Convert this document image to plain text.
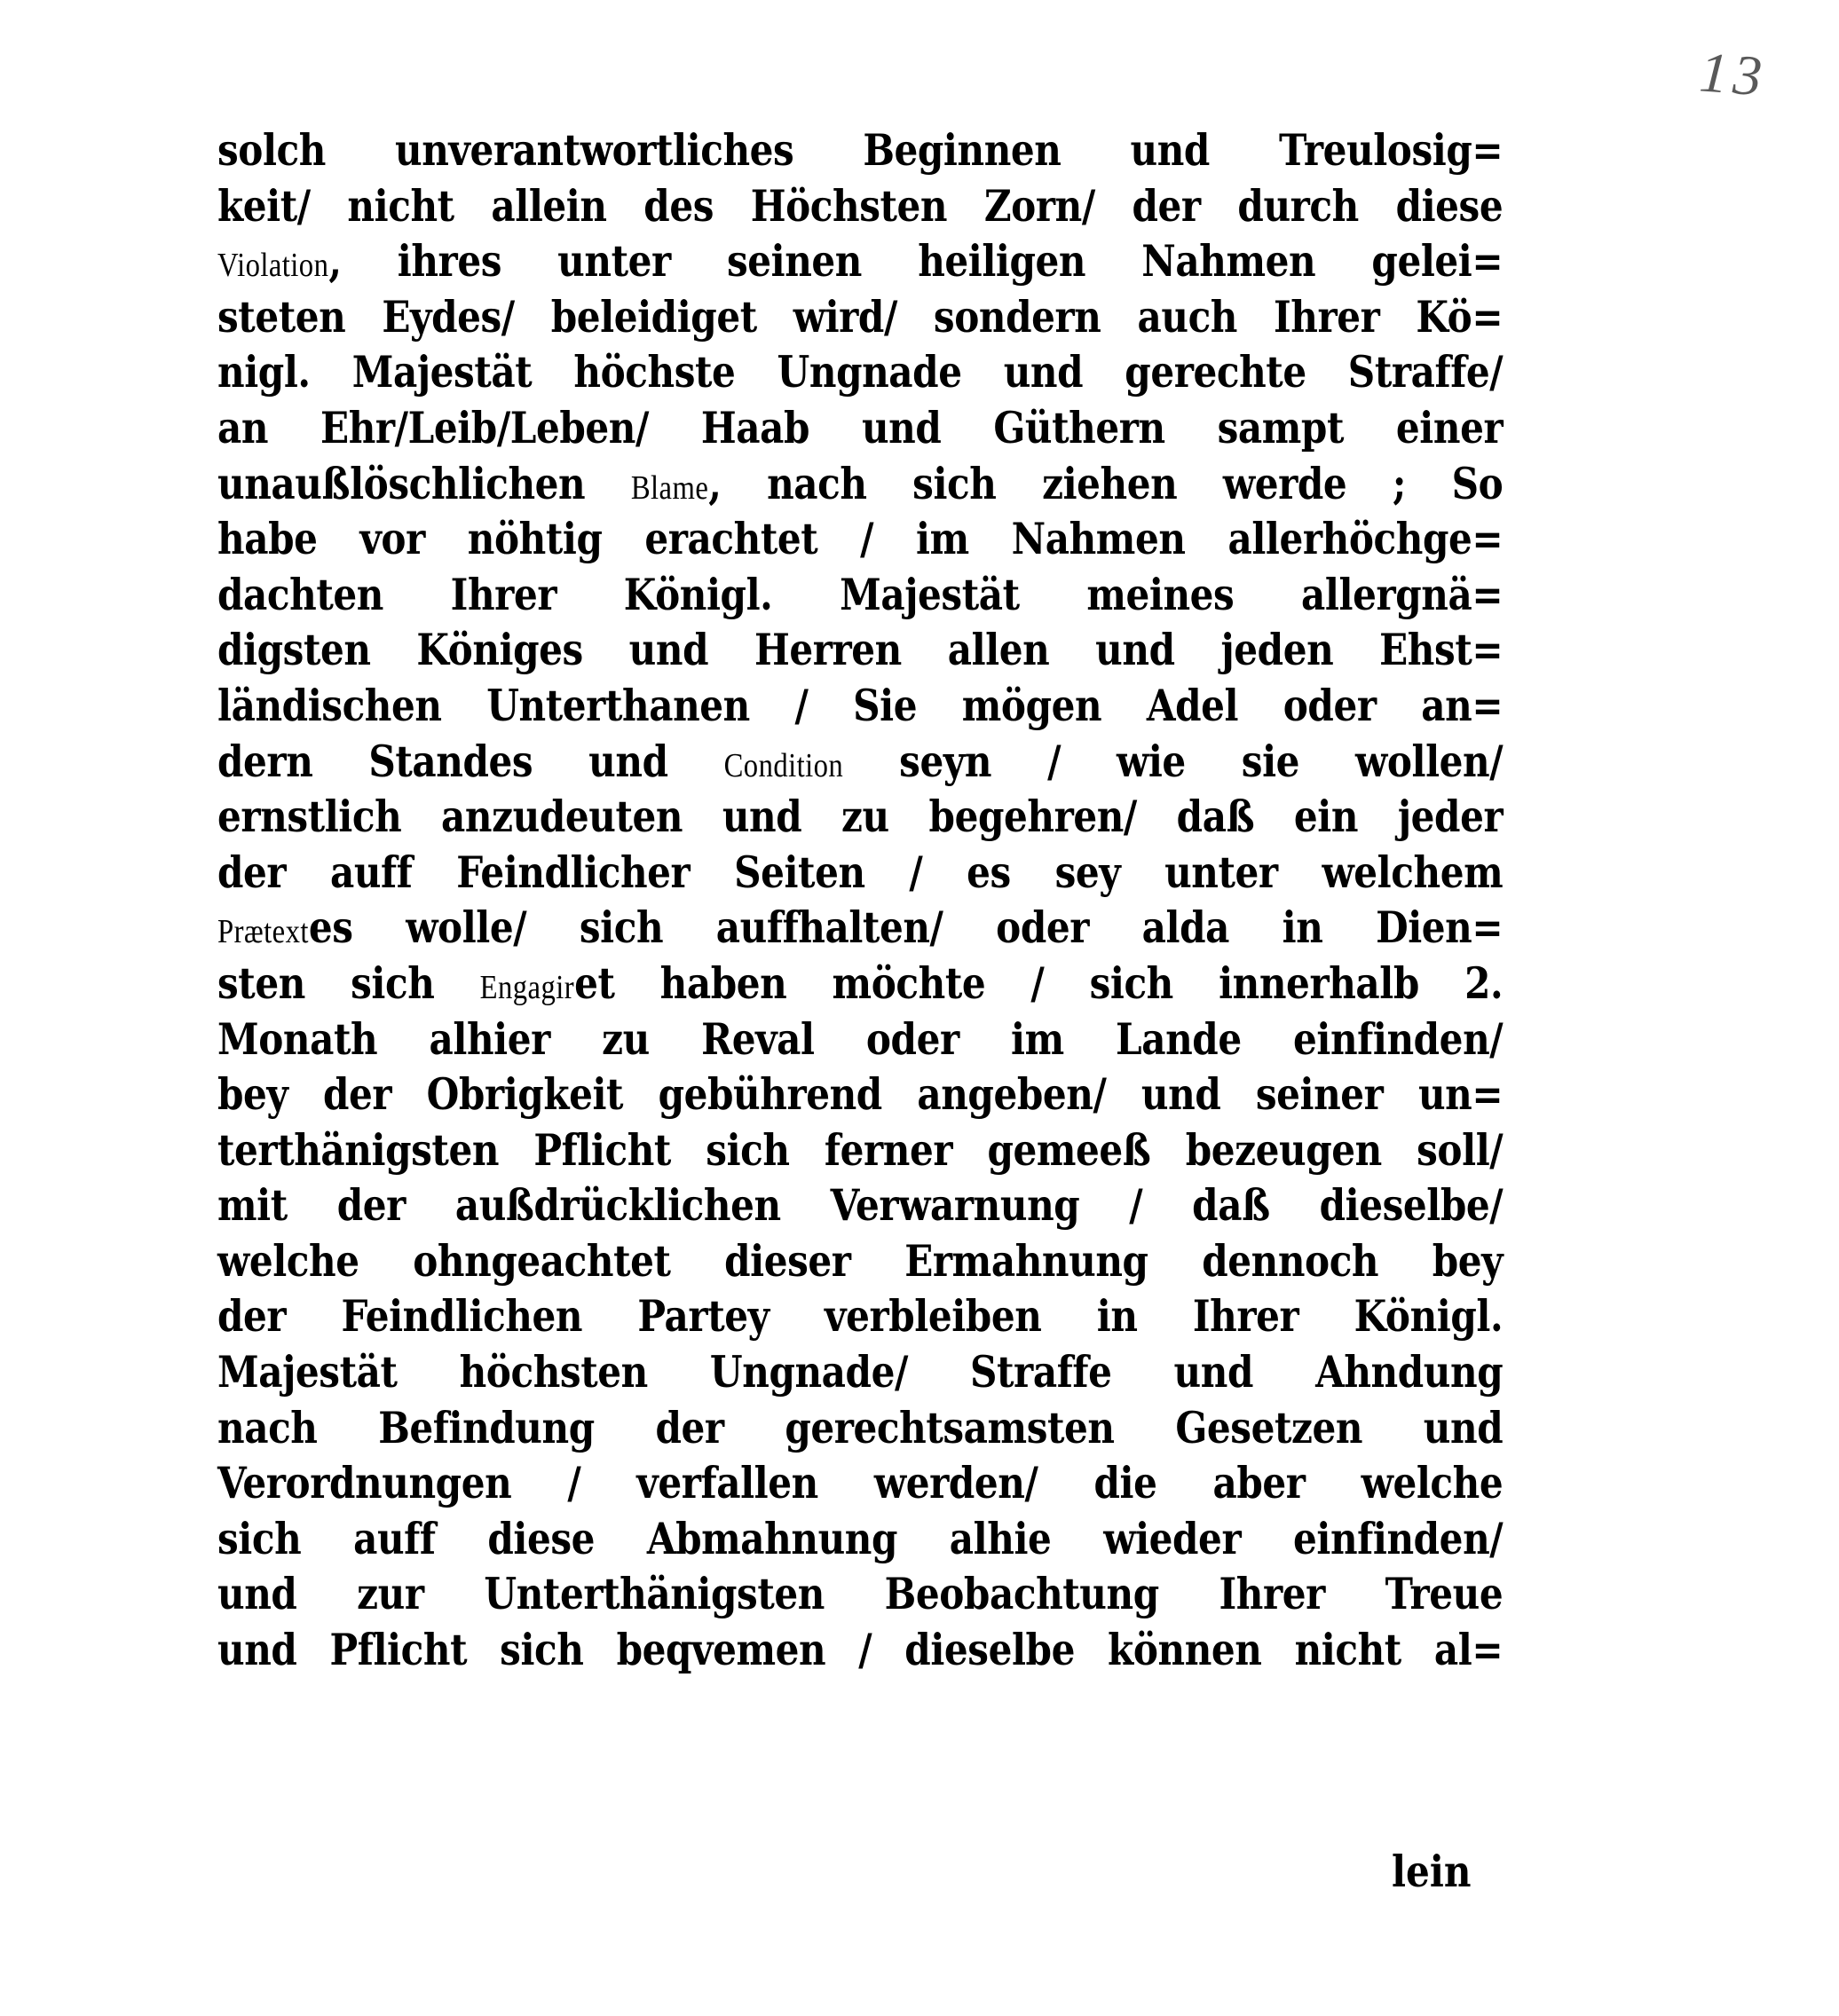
13
solch unverantwortliches Beginnen und Treulosig=
keit/ nicht allein des Höchsten Zorn/ der durch diese
Violation, ihres unter seinen heiligen Nahmen gelei=
steten Eydes/ beleidiget wird/ sondern auch Ihrer Kö=
nigl. Majestät höchste Ungnade und gerechte Straffe/
an Ehr/Leib/Leben/ Haab und Güthern sampt einer
unaußlöschlichen Blame, nach sich ziehen werde ; So
habe vor nöhtig erachtet / im Nahmen allerhöchge=
dachten Ihrer Königl. Majestät meines allergnä=
digsten Königes und Herren allen und jeden Ehst=
ländischen Unterthanen / Sie mögen Adel oder an=
dern Standes und Condition seyn / wie sie wollen/
ernstlich anzudeuten und zu begehren/ daß ein jeder
der auff Feindlicher Seiten / es sey unter welchem
Prætextes wolle/ sich auffhalten/ oder alda in Dien=
sten sich Engagiret haben möchte / sich innerhalb 2.
Monath alhier zu Reval oder im Lande einfinden/
bey der Obrigkeit gebührend angeben/ und seiner un=
terthänigsten Pflicht sich ferner gemeeß bezeugen soll/
mit der außdrücklichen Verwarnung / daß dieselbe/
welche ohngeachtet dieser Ermahnung dennoch bey
der Feindlichen Partey verbleiben in Ihrer Königl.
Majestät höchsten Ungnade/ Straffe und Ahndung
nach Befindung der gerechtsamsten Gesetzen und
Verordnungen / verfallen werden/ die aber welche
sich auff diese Abmahnung alhie wieder einfinden/
und zur Unterthänigsten Beobachtung Ihrer Treue
und Pflicht sich beqvemen / dieselbe können nicht al=
lein
